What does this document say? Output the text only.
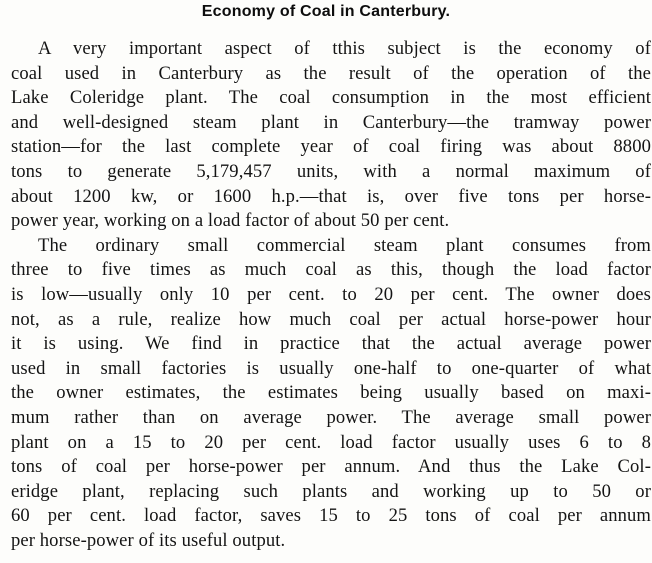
Economy of Coal in Canterbury.
A very important aspect of tthis subject is the economy of
coal used in Canterbury as the result of the operation of the
Lake Coleridge plant. The coal consumption in the most efficient
and well-designed steam plant in Canterbury—the tramway power
station—for the last complete year of coal firing was about 8800
tons to generate 5,179,457 units, with a normal maximum of
about 1200 kw, or 1600 h.p.—that is, over five tons per horse-
power year, working on a load factor of about 50 per cent.
The ordinary small commercial steam plant consumes from
three to five times as much coal as this, though the load factor
is low—usually only 10 per cent. to 20 per cent. The owner does
not, as a rule, realize how much coal per actual horse-power hour
it is using. We find in practice that the actual average power
used in small factories is usually one-half to one-quarter of what
the owner estimates, the estimates being usually based on maxi-
mum rather than on average power. The average small power
plant on a 15 to 20 per cent. load factor usually uses 6 to 8
tons of coal per horse-power per annum. And thus the Lake Col-
eridge plant, replacing such plants and working up to 50 or
60 per cent. load factor, saves 15 to 25 tons of coal per annum
per horse-power of its useful output.
